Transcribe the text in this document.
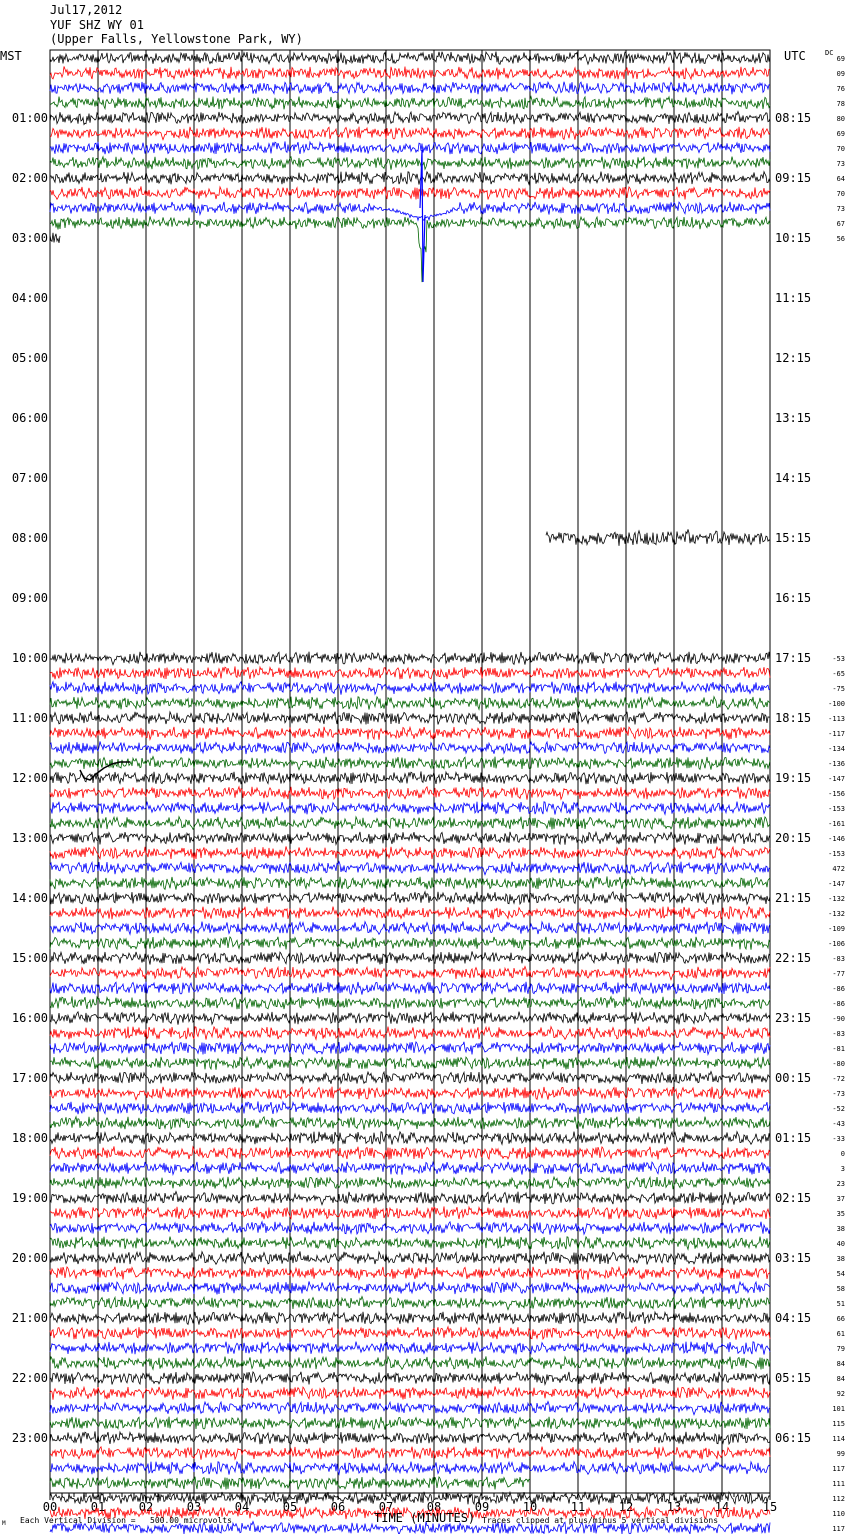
Jul17,2012
YUF SHZ WY 01
(Upper Falls, Yellowstone Park, WY)
MST	UTC	DC
00	01	02	03	04	05	06	07	08	09	10	11	12	13	14	15
01:00	08:15
02:00	09:15
03:00	10:15
04:00	11:15
05:00	12:15
06:00	13:15
07:00	14:15
08:00	15:15
09:00	16:15
10:00	17:15
11:00	18:15
12:00	19:15
13:00	20:15
14:00	21:15
15:00	22:15
16:00	23:15
17:00	00:15
18:00	01:15
19:00	02:15
20:00	03:15
21:00	04:15
22:00	05:15
23:00	06:15
69
09
76
78
80
69
70
73
64
70
73
67
56
-53
-65
-75
-100
-113
-117
-134
-136
-147
-156
-153
-161
-146
-153
472
-147
-132
-132
-109
-106
-83
-77
-86
-86
-90
-83
-81
-80
-72
-73
-52
-43
-33
0
3
23
37
35
38
40
38
54
58
51
66
61
79
84
84
92
101
115
114
99
117
111
112
110
117
TIME (MINUTES)
Each Vertical Division =   500.00 microvolts	Traces clipped at plus/minus 5 vertical divisions
M
